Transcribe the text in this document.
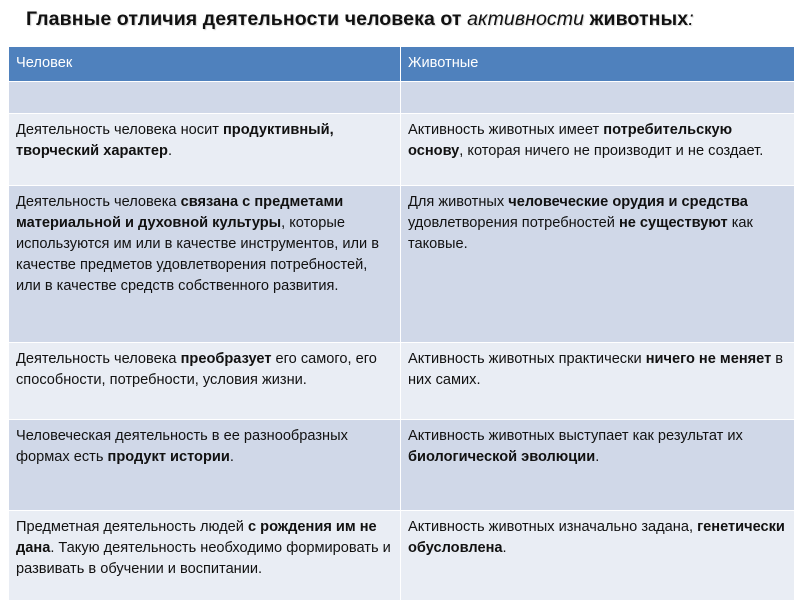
Главные отличия деятельности человека от активности животных:
Человек	Животные

Деятельность человека носит продуктивный, творческий характер.	Активность животных имеет потребительскую основу, которая ничего не производит и не создает.
Деятельность человека связана с предметами материальной и духовной культуры, которые используются им или в качестве инструментов, или в качестве предметов удовлетворения потребностей, или в качестве средств собственного развития.	Для животных человеческие орудия и средства удовлетворения потребностей не существуют как таковые.
Деятельность человека преобразует его самого, его способности, потребности, условия жизни.	Активность животных практически ничего не меняет в них самих.
Человеческая деятельность в ее разнообразных формах есть продукт истории.	Активность животных выступает как результат их биологической эволюции.
Предметная деятельность людей с рождения им не дана. Такую деятельность необходимо формировать и развивать в обучении и воспитании.	Активность животных изначально задана, генетически обусловлена.
